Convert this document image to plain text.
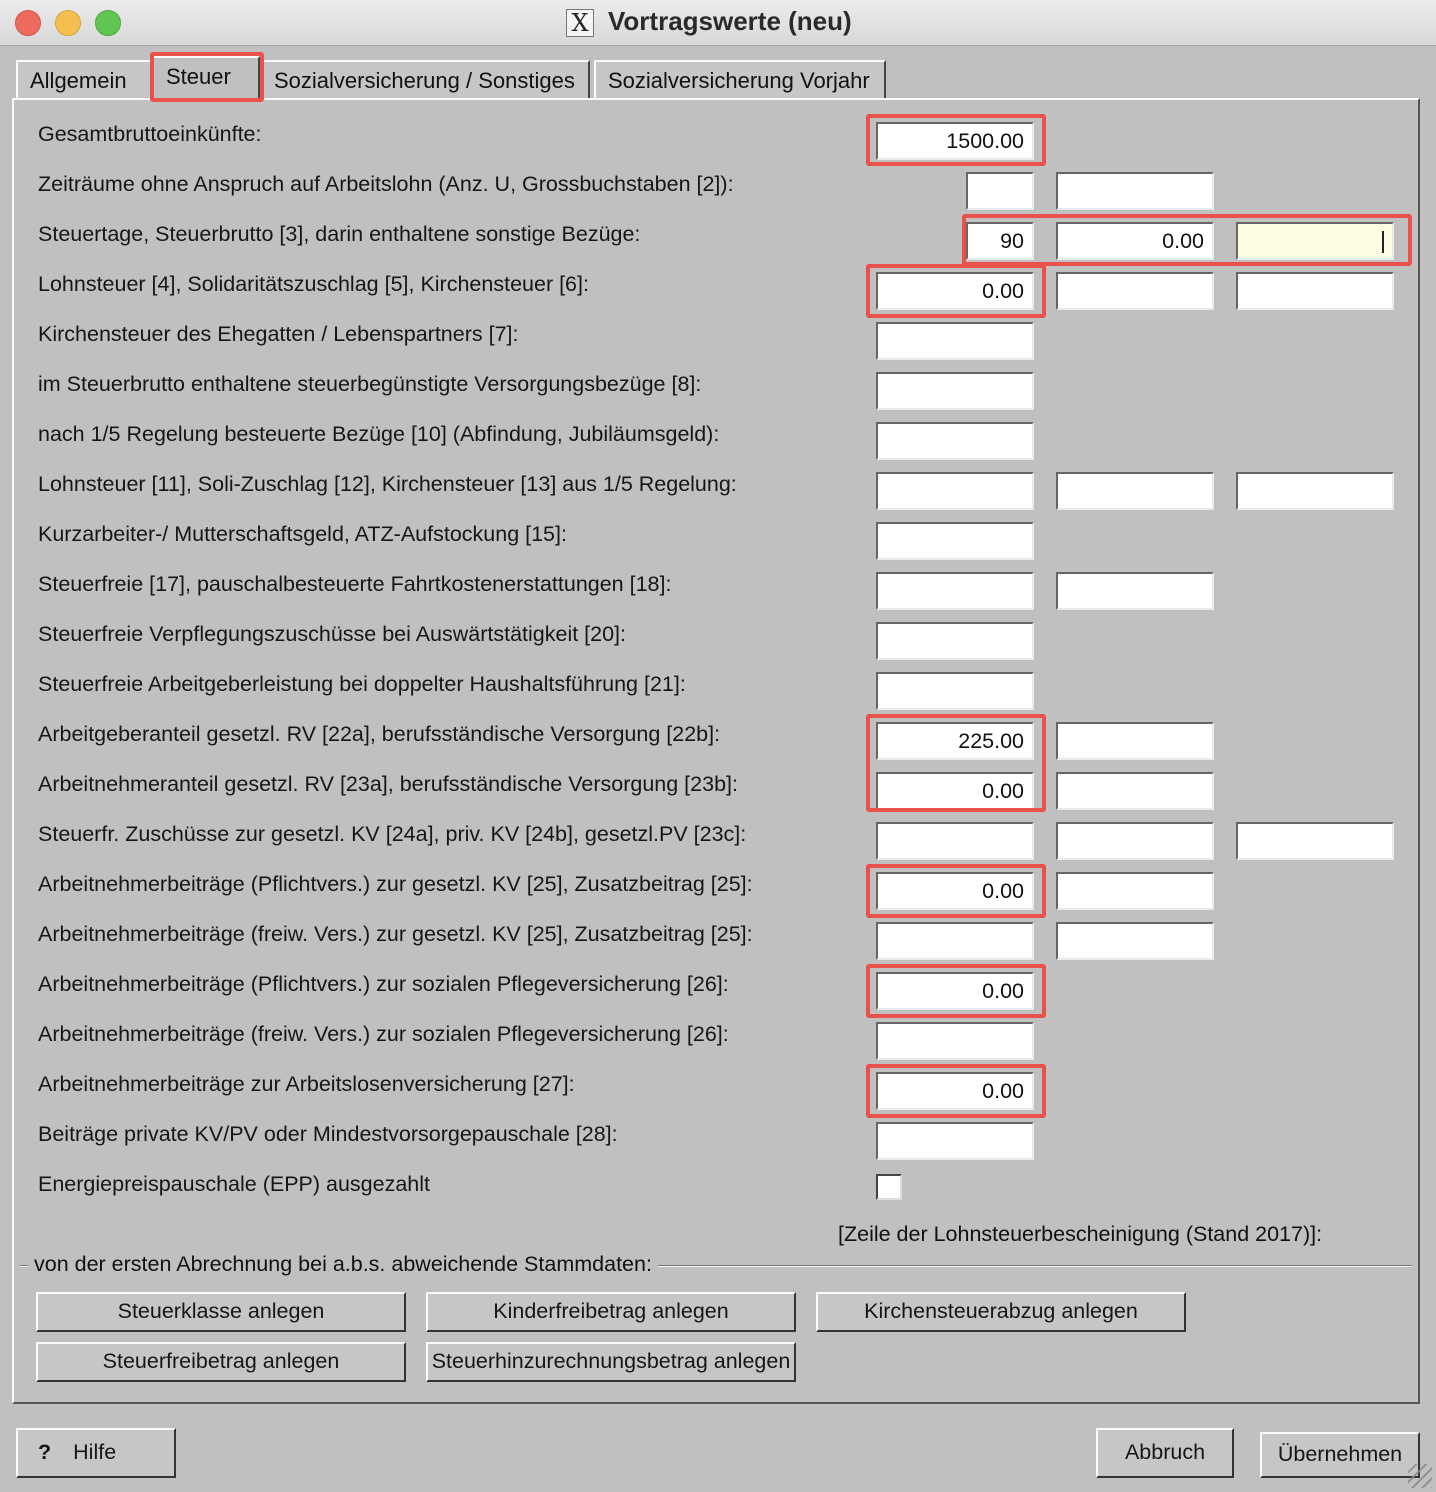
X Vortragswerte (neu)
Allgemein	Steuer	Sozialversicherung / Sonstiges	Sozialversicherung Vorjahr
Gesamtbruttoeinkünfte:	1500.00
Zeiträume ohne Anspruch auf Arbeitslohn (Anz. U, Grossbuchstaben [2]):
Steuertage, Steuerbrutto [3], darin enthaltene sonstige Bezüge:	90	0.00
Lohnsteuer [4], Solidaritätszuschlag [5], Kirchensteuer [6]:	0.00
Kirchensteuer des Ehegatten / Lebenspartners [7]:
im Steuerbrutto enthaltene steuerbegünstigte Versorgungsbezüge [8]:
nach 1/5 Regelung besteuerte Bezüge [10] (Abfindung, Jubiläumsgeld):
Lohnsteuer [11], Soli-Zuschlag [12], Kirchensteuer [13] aus 1/5 Regelung:
Kurzarbeiter-/ Mutterschaftsgeld, ATZ-Aufstockung [15]:
Steuerfreie [17], pauschalbesteuerte Fahrtkostenerstattungen [18]:
Steuerfreie Verpflegungszuschüsse bei Auswärtstätigkeit [20]:
Steuerfreie Arbeitgeberleistung bei doppelter Haushaltsführung [21]:
Arbeitgeberanteil gesetzl. RV [22a], berufsständische Versorgung [22b]:	225.00
Arbeitnehmeranteil gesetzl. RV [23a], berufsständische Versorgung [23b]:	0.00
Steuerfr. Zuschüsse zur gesetzl. KV [24a], priv. KV [24b], gesetzl.PV [23c]:
Arbeitnehmerbeiträge (Pflichtvers.) zur gesetzl. KV [25], Zusatzbeitrag [25]:	0.00
Arbeitnehmerbeiträge (freiw. Vers.) zur gesetzl. KV [25], Zusatzbeitrag [25]:
Arbeitnehmerbeiträge (Pflichtvers.) zur sozialen Pflegeversicherung [26]:	0.00
Arbeitnehmerbeiträge (freiw. Vers.) zur sozialen Pflegeversicherung [26]:
Arbeitnehmerbeiträge zur Arbeitslosenversicherung [27]:	0.00
Beiträge private KV/PV oder Mindestvorsorgepauschale [28]:
Energiepreispauschale (EPP) ausgezahlt
[Zeile der Lohnsteuerbescheinigung (Stand 2017)]:
von der ersten Abrechnung bei a.b.s. abweichende Stammdaten:
Steuerklasse anlegen	Kinderfreibetrag anlegen	Kirchensteuerabzug anlegen
Steuerfreibetrag anlegen	Steuerhinzurechnungsbetrag anlegen
? Hilfe	Abbruch	Übernehmen
